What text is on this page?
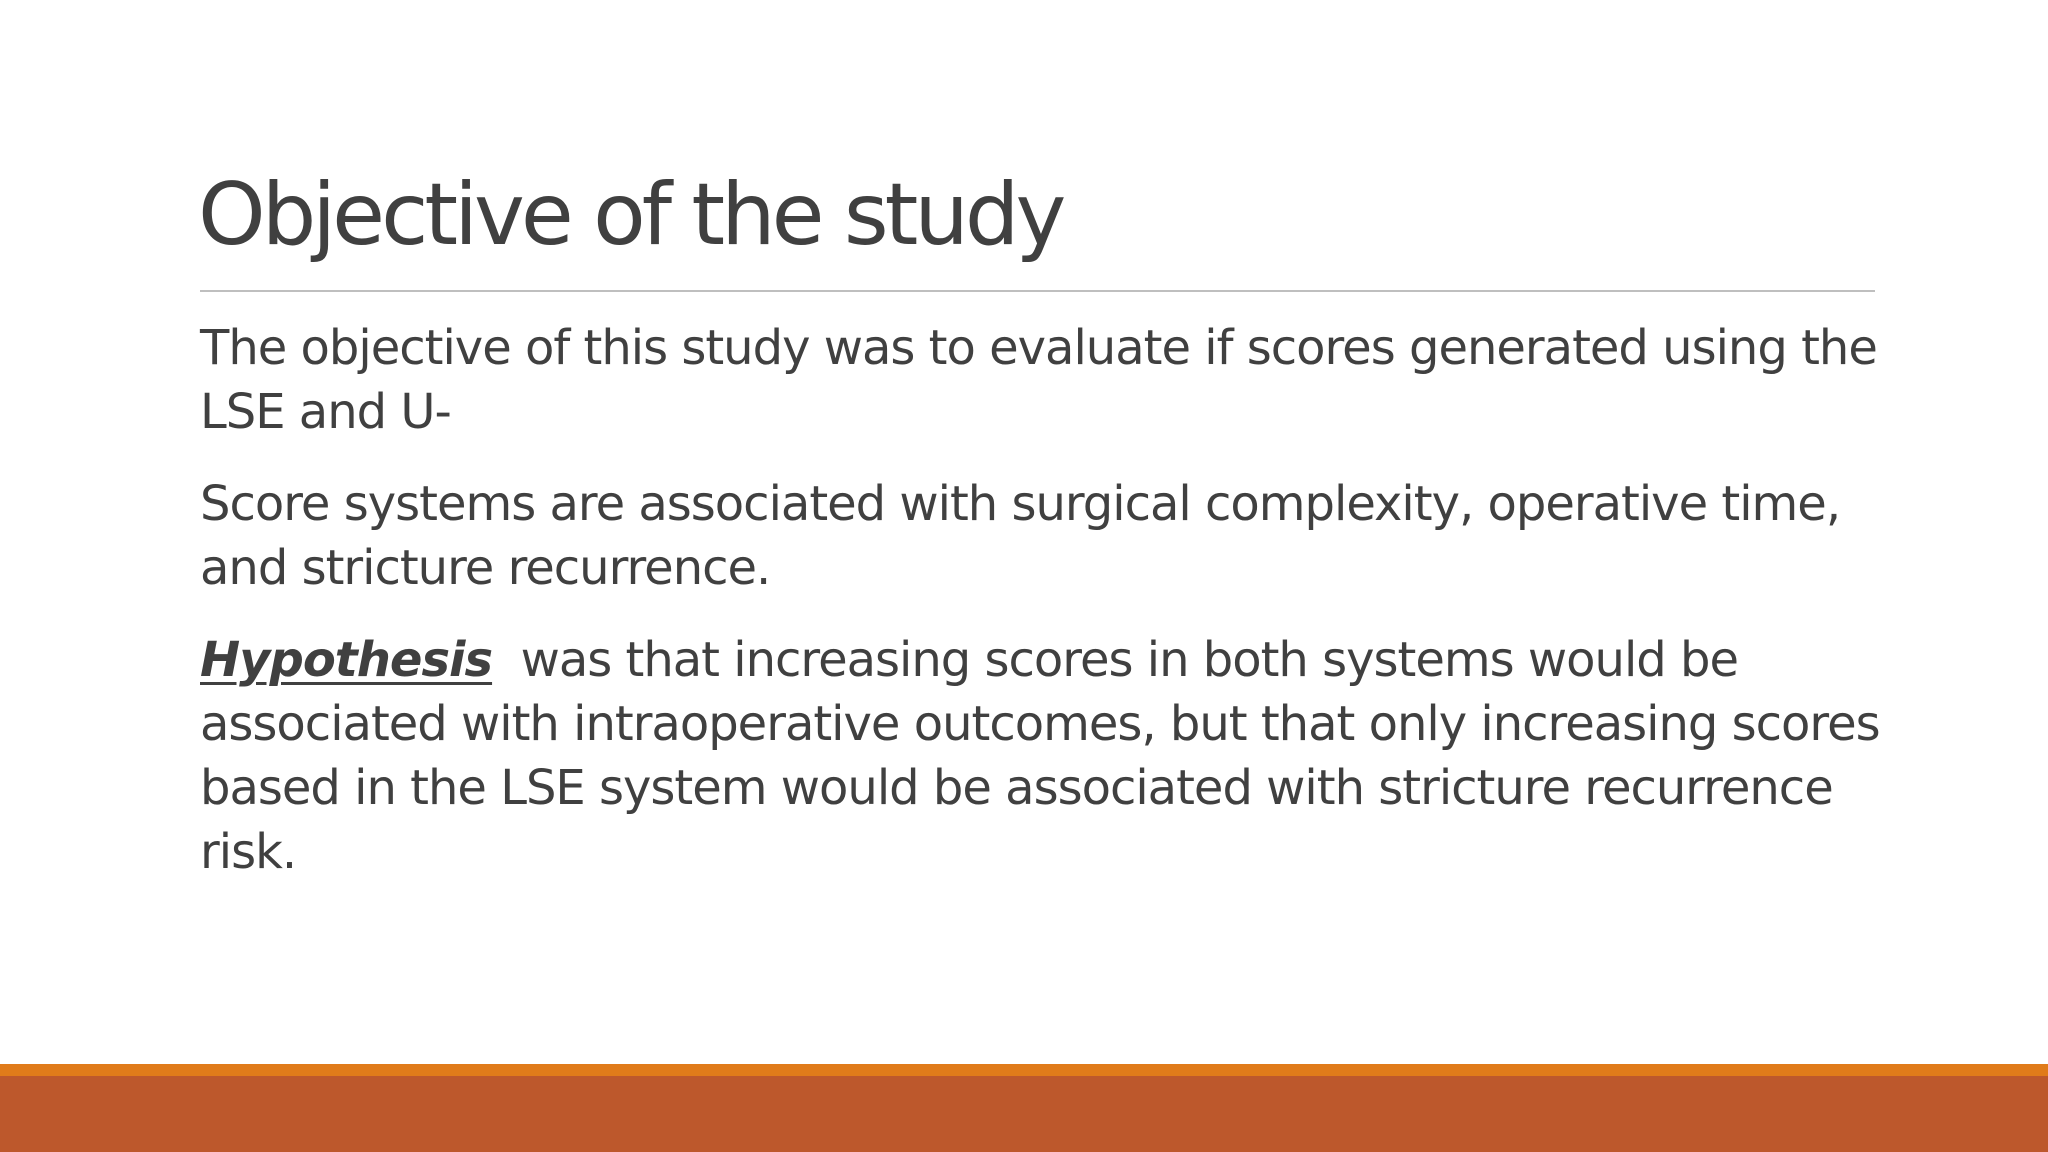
Objective of the study

The objective of this study was to evaluate if scores generated using the LSE and U-

Score systems are associated with surgical complexity, operative time, and stricture recurrence.

Hypothesis  was that increasing scores in both systems would be associated with intraoperative outcomes, but that only increasing scores based in the LSE system would be associated with stricture recurrence risk.
